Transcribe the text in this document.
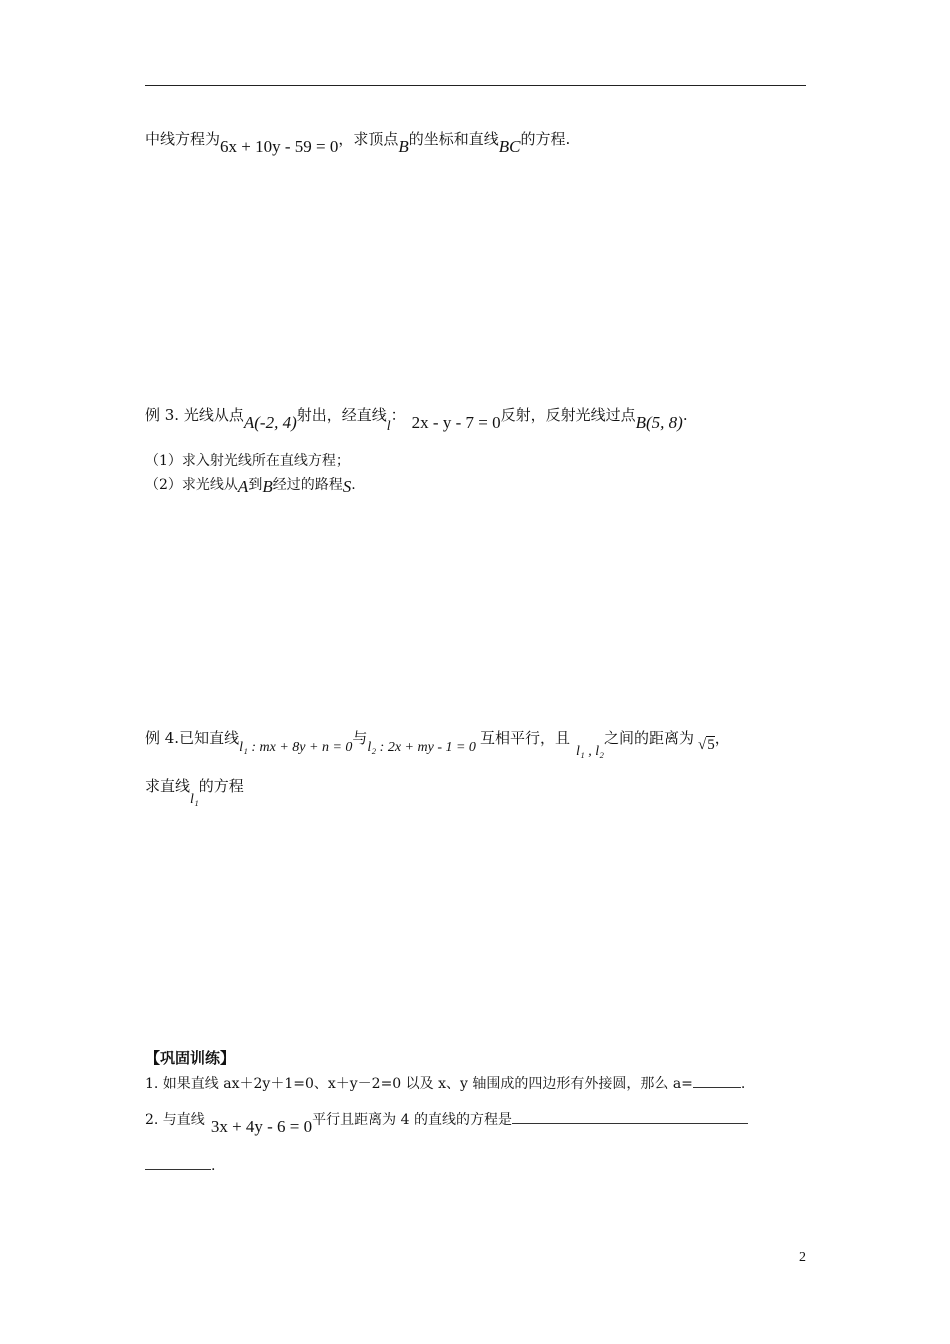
中线方程为6x + 10y - 59 = 0，求顶点B的坐标和直线BC的方程.
例 3. 光线从点A(-2, 4)射出，经直线l： 2x - y - 7 = 0反射，反射光线过点B(5, 8).
（1）求入射光线所在直线方程；
（2）求光线从A到B经过的路程S.
例 4.已知直线l₁ : mx + 8y + n = 0与l₂ : 2x + my - 1 = 0互相平行，且l₁ , l₂之间的距离为 √5，
求直线l₁的方程
【巩固训练】
1. 如果直线 ax＋2y＋1=0、x＋y－2=0 以及 x、y 轴围成的四边形有外接圆，那么 a=	.
2. 与直线 3x + 4y - 6 = 0平行且距离为 4 的直线的方程是
.
2
